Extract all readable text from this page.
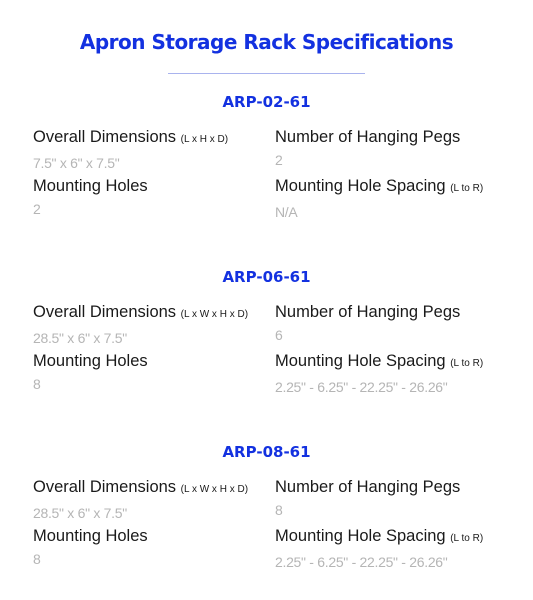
Apron Storage Rack Specifications
ARP-02-61
Overall Dimensions (L x H x D)
7.5" x 6" x 7.5"
Number of Hanging Pegs
2
Mounting Holes
2
Mounting Hole Spacing (L to R)
N/A
ARP-06-61
Overall Dimensions (L x W x H x D)
28.5" x 6" x 7.5"
Number of Hanging Pegs
6
Mounting Holes
8
Mounting Hole Spacing (L to R)
2.25" - 6.25" - 22.25" - 26.26"
ARP-08-61
Overall Dimensions (L x W x H x D)
28.5" x 6" x 7.5"
Number of Hanging Pegs
8
Mounting Holes
8
Mounting Hole Spacing (L to R)
2.25" - 6.25" - 22.25" - 26.26"
